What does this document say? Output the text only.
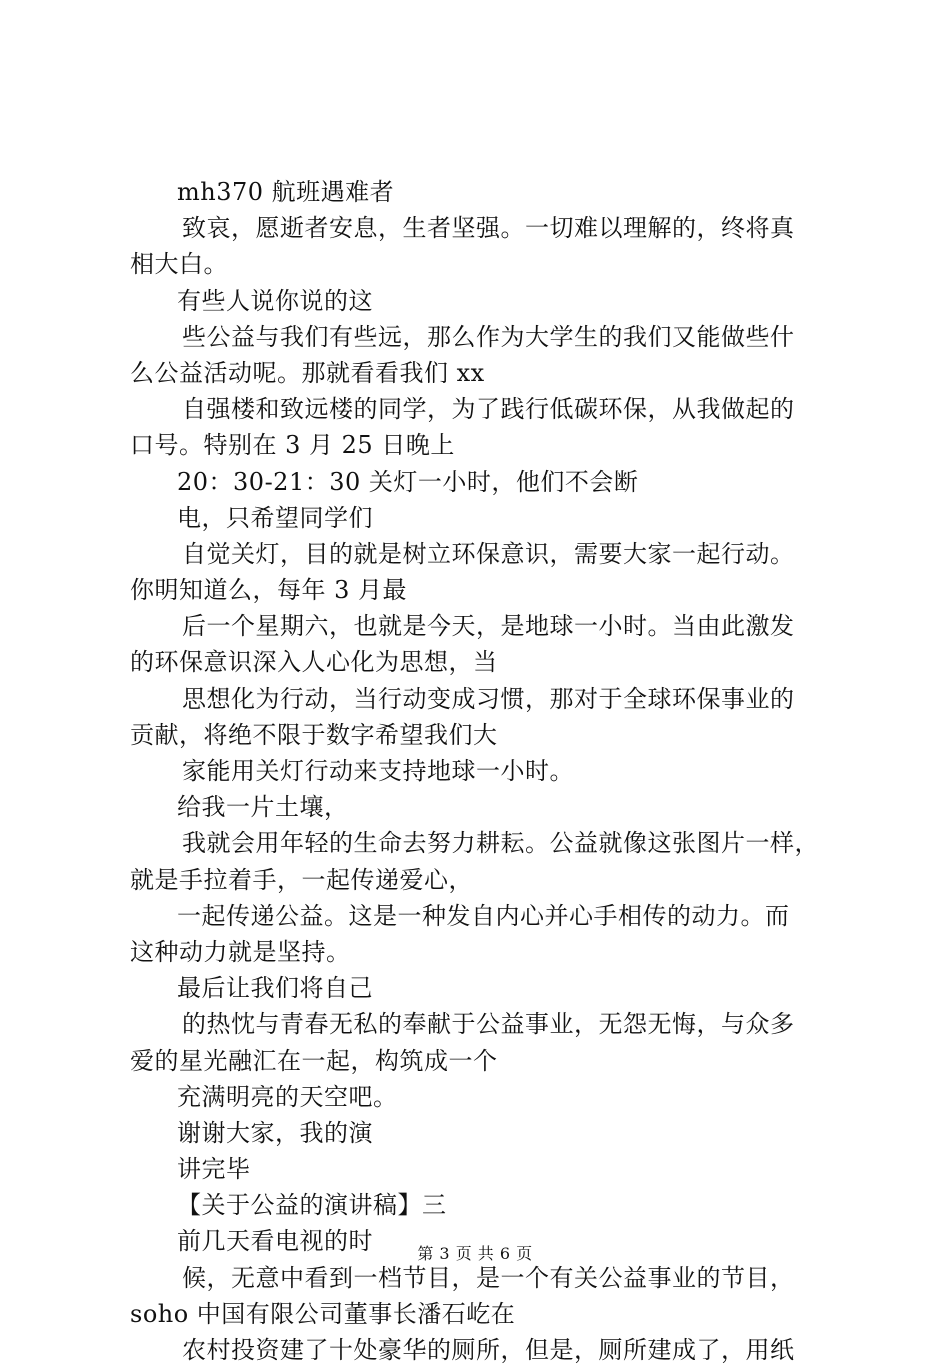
mh370 航班遇难者
致哀，愿逝者安息，生者坚强。一切难以理解的，终将真
相大白。
有些人说你说的这
些公益与我们有些远，那么作为大学生的我们又能做些什
么公益活动呢。那就看看我们 xx
自强楼和致远楼的同学，为了践行低碳环保，从我做起的
口号。特别在 3 月 25 日晚上
20：30-21：30 关灯一小时，他们不会断
电，只希望同学们
自觉关灯，目的就是树立环保意识，需要大家一起行动。
你明知道么，每年 3 月最
后一个星期六，也就是今天，是地球一小时。当由此激发
的环保意识深入人心化为思想，当
思想化为行动，当行动变成习惯，那对于全球环保事业的
贡献，将绝不限于数字希望我们大
家能用关灯行动来支持地球一小时。
给我一片土壤，
我就会用年轻的生命去努力耕耘。公益就像这张图片一样，
就是手拉着手，一起传递爱心，
一起传递公益。这是一种发自内心并心手相传的动力。而
这种动力就是坚持。
最后让我们将自己
的热忱与青春无私的奉献于公益事业，无怨无悔，与众多
爱的星光融汇在一起，构筑成一个
充满明亮的天空吧。
谢谢大家，我的演
讲完毕
【关于公益的演讲稿】三
前几天看电视的时
候，无意中看到一档节目，是一个有关公益事业的节目，
soho 中国有限公司董事长潘石屹在
农村投资建了十处豪华的厕所，但是，厕所建成了，用纸
第 3 页 共 6 页
